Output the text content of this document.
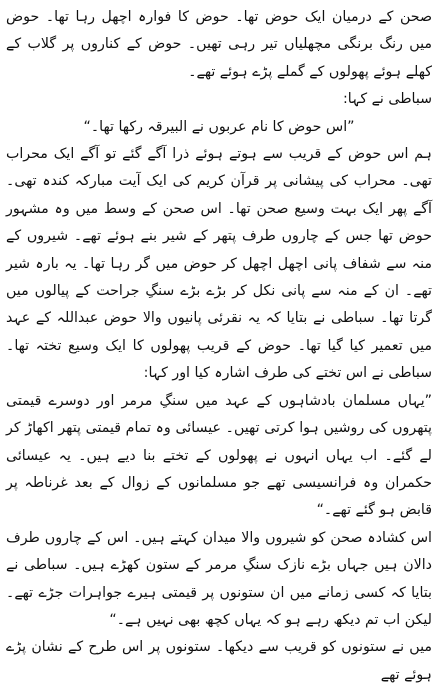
صحن کے درمیان ایک حوض تھا۔ حوض کا فوارہ اچھل رہا تھا۔ حوض میں رنگ برنگی مچھلیاں تیر رہی تھیں۔ حوض کے کناروں پر گلاب کے کھلے ہوئے پھولوں کے گملے پڑے ہوئے تھے۔

سباطی نے کہا:

”اس حوض کا نام عربوں نے البیرقہ رکھا تھا۔“

ہم اس حوض کے قریب سے ہوتے ہوئے ذرا آگے گئے تو آگے ایک محراب تھی۔ محراب کی پیشانی پر قرآن کریم کی ایک آیت مبارکہ کندہ تھی۔ آگے پھر ایک بہت وسیع صحن تھا۔ اس صحن کے وسط میں وہ مشہور حوض تھا جس کے چاروں طرف پتھر کے شیر بنے ہوئے تھے۔ شیروں کے منہ سے شفاف پانی اچھل اچھل کر حوض میں گر رہا تھا۔ یہ بارہ شیر تھے۔ ان کے منہ سے پانی نکل کر بڑے بڑے سنگِ جراحت کے پیالوں میں گرتا تھا۔ سباطی نے بتایا کہ یہ نقرئی پانیوں والا حوض عبداللہ کے عہد میں تعمیر کیا گیا تھا۔ حوض کے قریب پھولوں کا ایک وسیع تختہ تھا۔ سباطی نے اس تختے کی طرف اشارہ کیا اور کہا:

”یہاں مسلمان بادشاہوں کے عہد میں سنگِ مرمر اور دوسرے قیمتی پتھروں کی روشیں ہوا کرتی تھیں۔ عیسائی وہ تمام قیمتی پتھر اکھاڑ کر لے گئے۔ اب یہاں انہوں نے پھولوں کے تختے بنا دیے ہیں۔ یہ عیسائی حکمران وہ فرانسیسی تھے جو مسلمانوں کے زوال کے بعد غرناطہ پر قابض ہو گئے تھے۔“

اس کشادہ صحن کو شیروں والا میدان کہتے ہیں۔ اس کے چاروں طرف دالان ہیں جہاں بڑے نازک سنگِ مرمر کے ستون کھڑے ہیں۔ سباطی نے بتایا کہ کسی زمانے میں ان ستونوں پر قیمتی ہیرے جواہرات جڑے تھے۔ لیکن اب تم دیکھ رہے ہو کہ یہاں کچھ بھی نہیں ہے۔“

میں نے ستونوں کو قریب سے دیکھا۔ ستونوں پر اس طرح کے نشان پڑے ہوئے تھے
